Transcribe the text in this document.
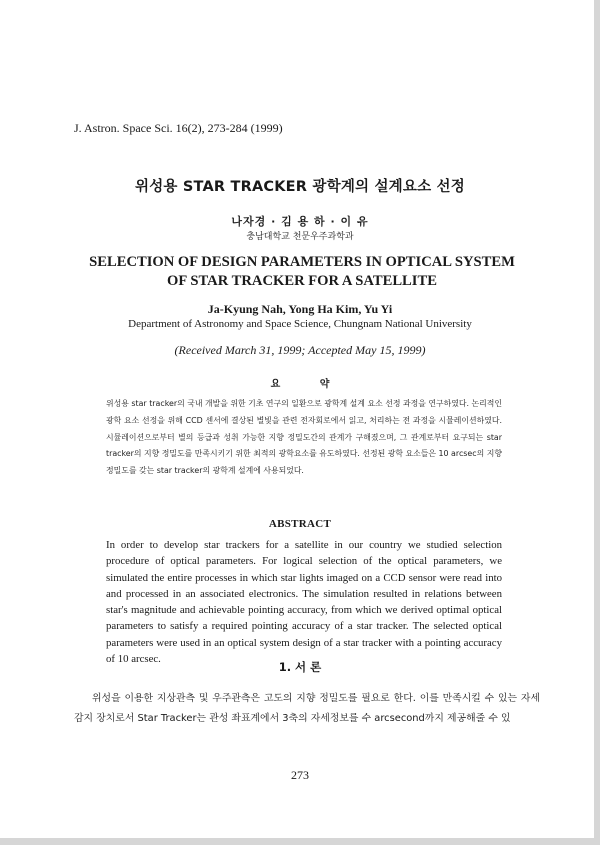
J. Astron. Space Sci. 16(2), 273-284 (1999)
위성용 STAR TRACKER 광학계의 설계요소 선정
나자경 · 김 용 하 · 이 유
충남대학교 천문우주과학과
SELECTION OF DESIGN PARAMETERS IN OPTICAL SYSTEM
OF STAR TRACKER FOR A SATELLITE
Ja-Kyung Nah, Yong Ha Kim, Yu Yi
Department of Astronomy and Space Science, Chungnam National University
(Received March 31, 1999; Accepted May 15, 1999)
요 약
위성용 star tracker의 국내 개발을 위한 기초 연구의 일환으로 광학계 설계 요소 선정 과정을 연구하였다. 논리적인 광학 요소 선정을 위해 CCD 센서에 결상된 별빛을 관련 전자회로에서 읽고, 처리하는 전 과정을 시뮬레이션하였다. 시뮬레이션으로부터 별의 등급과 성취 가능한 지향 정밀도간의 관계가 구해졌으며, 그 관계로부터 요구되는 star tracker의 지향 정밀도를 만족시키기 위한 최적의 광학요소를 유도하였다. 선정된 광학 요소들은 10 arcsec의 지향 정밀도를 갖는 star tracker의 광학계 설계에 사용되었다.
ABSTRACT
In order to develop star trackers for a satellite in our country we studied selection procedure of optical parameters. For logical selection of the optical parameters, we simulated the entire processes in which star lights imaged on a CCD sensor were read into and processed in an associated electronics. The simulation resulted in relations between star's magnitude and achievable pointing accuracy, from which we derived optimal optical parameters to satisfy a required pointing accuracy of a star tracker. The selected optical parameters were used in an optical system design of a star tracker with a pointing accuracy of 10 arcsec.
1. 서 론
위성을 이용한 지상관측 및 우주관측은 고도의 지향 정밀도를 필요로 한다. 이를 만족시킬 수 있는 자세 감지 장치로서 Star Tracker는 관성 좌표계에서 3축의 자세정보를 수 arcsecond까지 제공해줄 수 있
273
